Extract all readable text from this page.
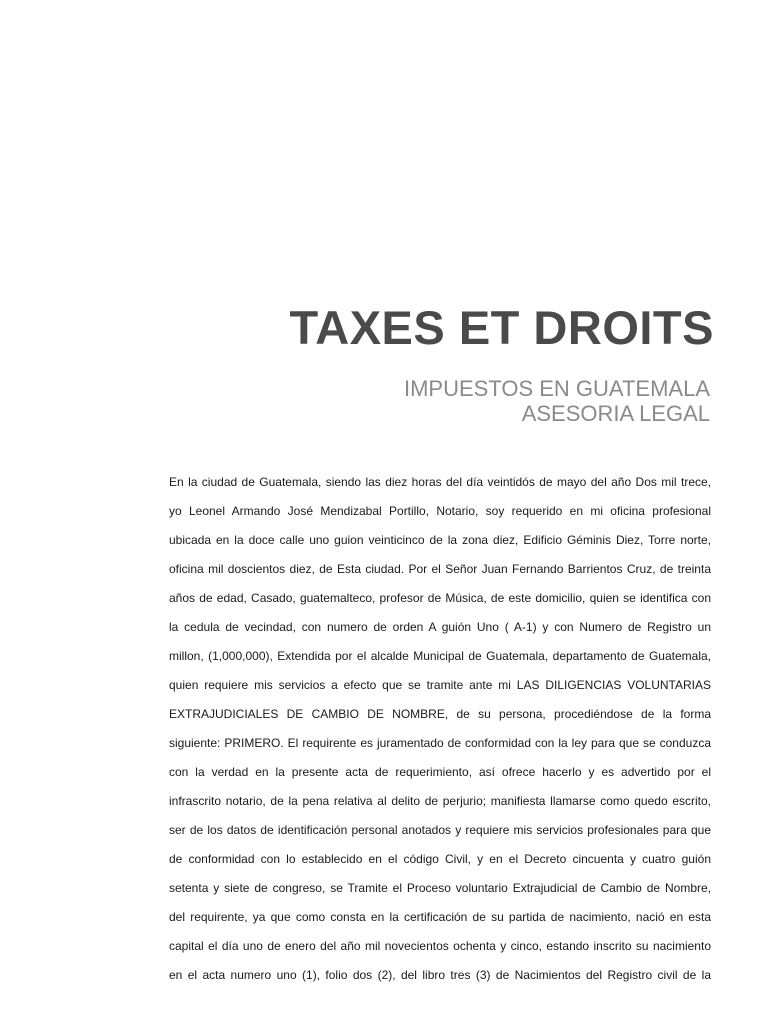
TAXES ET DROITS
IMPUESTOS EN GUATEMALA
ASESORIA LEGAL
En la ciudad de Guatemala, siendo las diez horas del día veintidós de mayo del año Dos mil trece,
yo Leonel Armando José Mendizabal Portillo, Notario, soy requerido en mi oficina profesional
ubicada en la doce calle uno guion veinticinco de la zona diez, Edificio Géminis Diez, Torre norte,
oficina mil doscientos diez, de Esta ciudad. Por el Señor Juan Fernando Barrientos Cruz, de treinta
años de edad, Casado, guatemalteco, profesor de Música, de este domicilio, quien se identifica con
la cedula de vecindad, con numero de orden A guión Uno ( A-1) y con Numero de Registro un
millon, (1,000,000), Extendida por el alcalde Municipal de Guatemala, departamento de Guatemala,
quien requiere mis servicios a efecto que se tramite ante mi LAS DILIGENCIAS VOLUNTARIAS
EXTRAJUDICIALES DE CAMBIO DE NOMBRE, de su persona, procediéndose de la forma
siguiente: PRIMERO. El requirente es juramentado de conformidad con la ley para que se conduzca
con la verdad en la presente acta de requerimiento, así ofrece hacerlo y es advertido por el
infrascrito notario, de la pena relativa al delito de perjurio; manifiesta llamarse como quedo escrito,
ser de los datos de identificación personal anotados y requiere mis servicios profesionales para que
de conformidad con lo establecido en el código Civil, y en el Decreto cincuenta y cuatro guión
setenta y siete de congreso, se Tramite el Proceso voluntario Extrajudicial de Cambio de Nombre,
del requirente, ya que como consta en la certificación de su partida de nacimiento, nació en esta
capital el día uno de enero del año mil novecientos ochenta y cinco, estando inscrito su nacimiento
en el acta numero uno (1), folio dos (2), del libro tres (3) de Nacimientos del Registro civil de la
